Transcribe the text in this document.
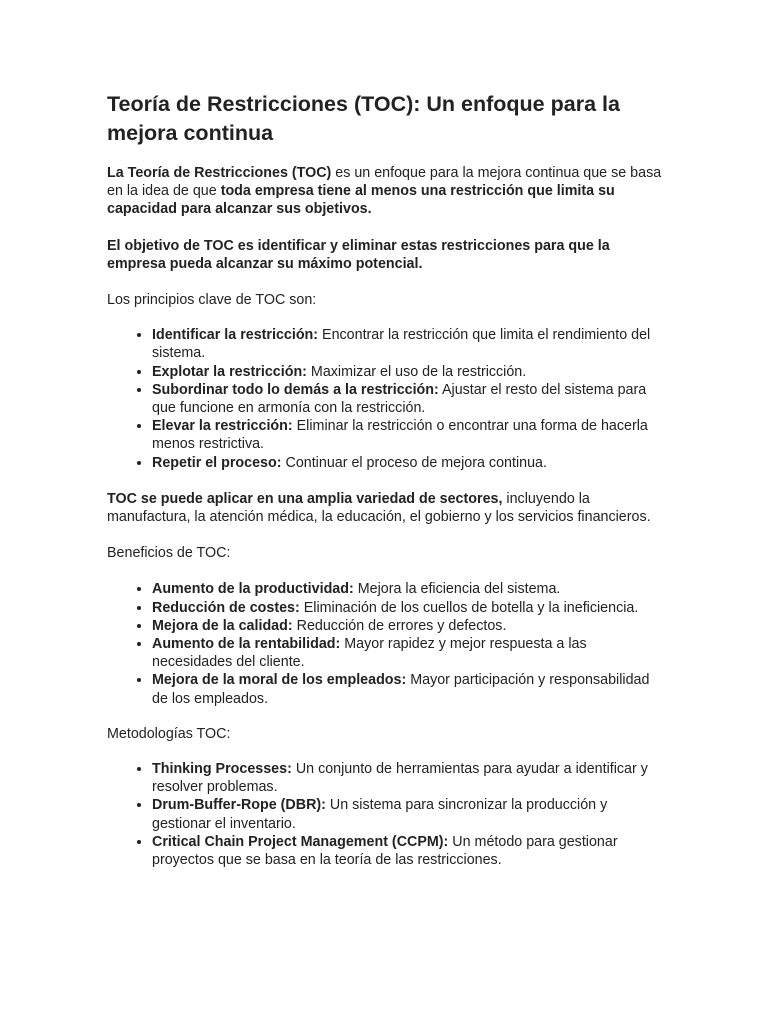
Teoría de Restricciones (TOC): Un enfoque para la mejora continua

La Teoría de Restricciones (TOC) es un enfoque para la mejora continua que se basa en la idea de que toda empresa tiene al menos una restricción que limita su capacidad para alcanzar sus objetivos.

El objetivo de TOC es identificar y eliminar estas restricciones para que la empresa pueda alcanzar su máximo potencial.

Los principios clave de TOC son:

• Identificar la restricción: Encontrar la restricción que limita el rendimiento del sistema.
• Explotar la restricción: Maximizar el uso de la restricción.
• Subordinar todo lo demás a la restricción: Ajustar el resto del sistema para que funcione en armonía con la restricción.
• Elevar la restricción: Eliminar la restricción o encontrar una forma de hacerla menos restrictiva.
• Repetir el proceso: Continuar el proceso de mejora continua.

TOC se puede aplicar en una amplia variedad de sectores, incluyendo la manufactura, la atención médica, la educación, el gobierno y los servicios financieros.

Beneficios de TOC:

• Aumento de la productividad: Mejora la eficiencia del sistema.
• Reducción de costes: Eliminación de los cuellos de botella y la ineficiencia.
• Mejora de la calidad: Reducción de errores y defectos.
• Aumento de la rentabilidad: Mayor rapidez y mejor respuesta a las necesidades del cliente.
• Mejora de la moral de los empleados: Mayor participación y responsabilidad de los empleados.

Metodologías TOC:

• Thinking Processes: Un conjunto de herramientas para ayudar a identificar y resolver problemas.
• Drum-Buffer-Rope (DBR): Un sistema para sincronizar la producción y gestionar el inventario.
• Critical Chain Project Management (CCPM): Un método para gestionar proyectos que se basa en la teoría de las restricciones.
